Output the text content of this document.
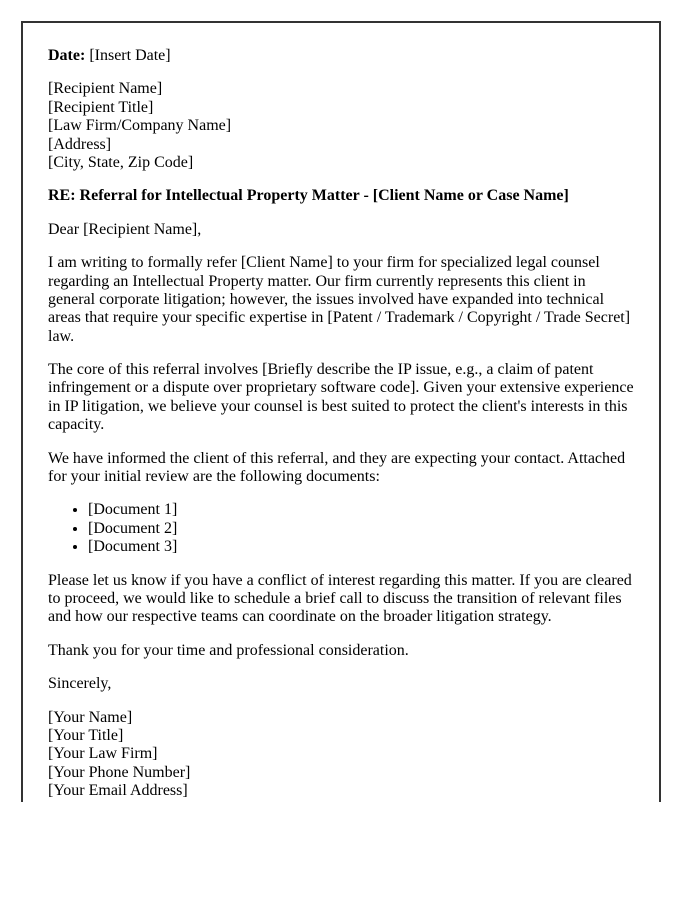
Date: [Insert Date]

[Recipient Name]
[Recipient Title]
[Law Firm/Company Name]
[Address]
[City, State, Zip Code]

RE: Referral for Intellectual Property Matter - [Client Name or Case Name]

Dear [Recipient Name],

I am writing to formally refer [Client Name] to your firm for specialized legal counsel regarding an Intellectual Property matter. Our firm currently represents this client in general corporate litigation; however, the issues involved have expanded into technical areas that require your specific expertise in [Patent / Trademark / Copyright / Trade Secret] law.

The core of this referral involves [Briefly describe the IP issue, e.g., a claim of patent infringement or a dispute over proprietary software code]. Given your extensive experience in IP litigation, we believe your counsel is best suited to protect the client's interests in this capacity.

We have informed the client of this referral, and they are expecting your contact. Attached for your initial review are the following documents:

• [Document 1]
• [Document 2]
• [Document 3]

Please let us know if you have a conflict of interest regarding this matter. If you are cleared to proceed, we would like to schedule a brief call to discuss the transition of relevant files and how our respective teams can coordinate on the broader litigation strategy.

Thank you for your time and professional consideration.

Sincerely,

[Your Name]
[Your Title]
[Your Law Firm]
[Your Phone Number]
[Your Email Address]
